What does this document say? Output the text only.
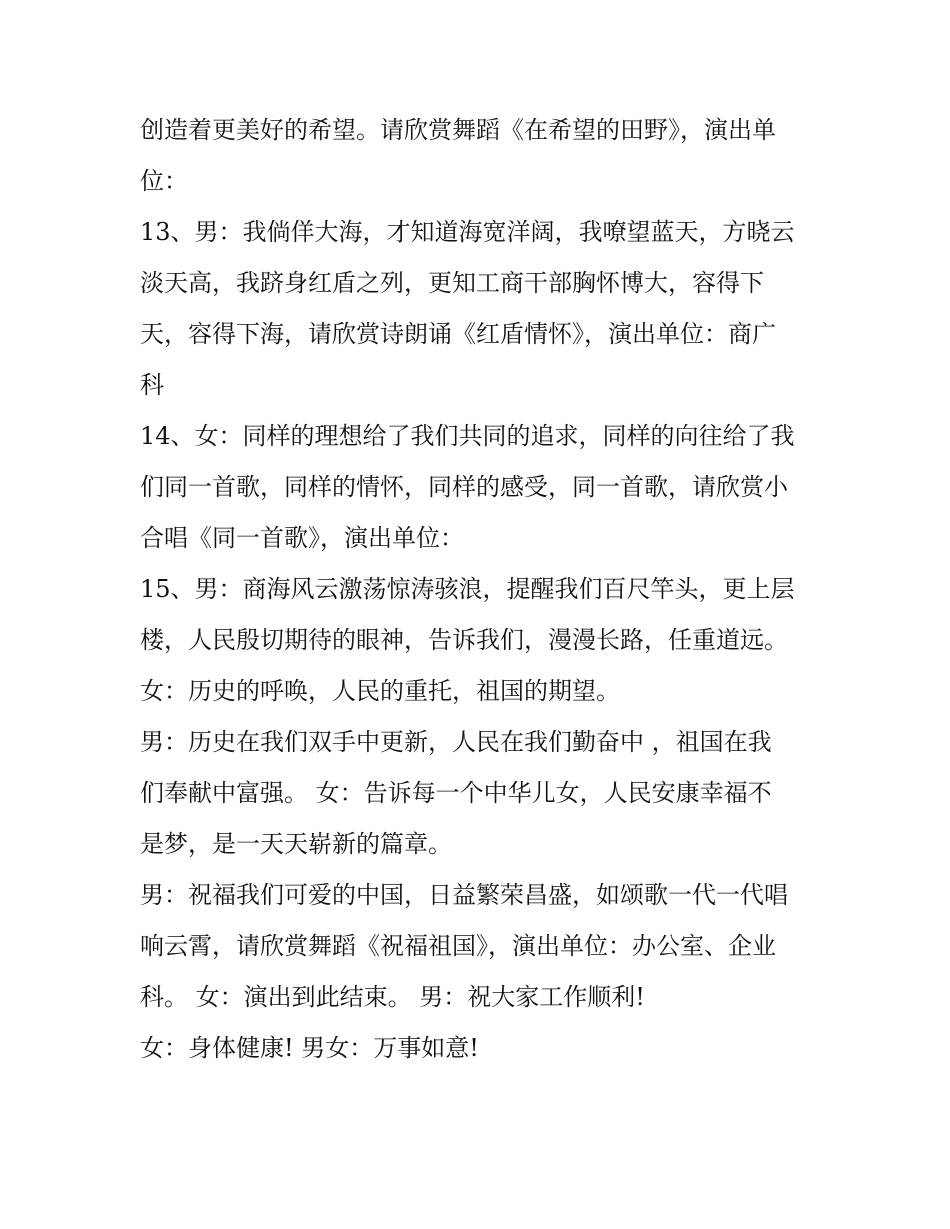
创造着更美好的希望。请欣赏舞蹈《在希望的田野》，演出单
位：
13、男：我倘佯大海，才知道海宽洋阔，我嘹望蓝天，方晓云
淡天高，我跻身红盾之列，更知工商干部胸怀博大，容得下
天，容得下海，请欣赏诗朗诵《红盾情怀》，演出单位：商广
科
14、女：同样的理想给了我们共同的追求，同样的向往给了我
们同一首歌，同样的情怀，同样的感受，同一首歌，请欣赏小
合唱《同一首歌》，演出单位：
15、男：商海风云激荡惊涛骇浪，提醒我们百尺竿头，更上层
楼，人民殷切期待的眼神，告诉我们，漫漫长路，任重道远。
女：历史的呼唤，人民的重托，祖国的期望。
男：历史在我们双手中更新，人民在我们勤奋中 ，祖国在我
们奉献中富强。 女：告诉每一个中华儿女，人民安康幸福不
是梦，是一天天崭新的篇章。
男：祝福我们可爱的中国，日益繁荣昌盛，如颂歌一代一代唱
响云霄，请欣赏舞蹈《祝福祖国》，演出单位：办公室、企业
科。 女：演出到此结束。 男：祝大家工作顺利!
女：身体健康! 男女：万事如意!
